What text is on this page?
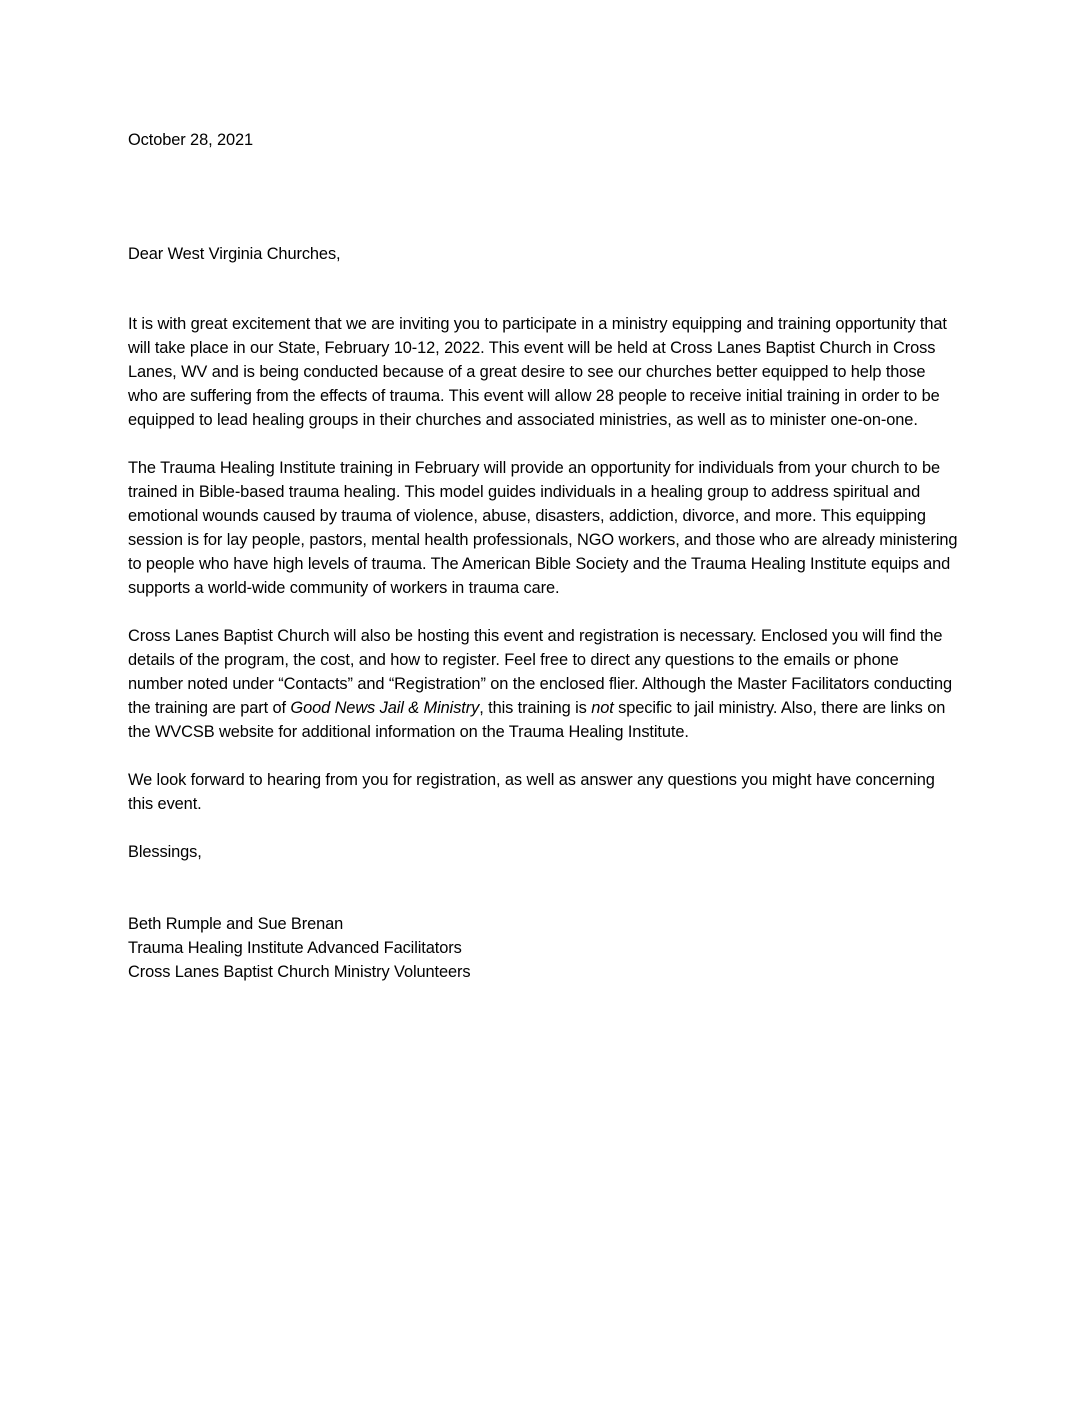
October 28, 2021

Dear West Virginia Churches,

It is with great excitement that we are inviting you to participate in a ministry equipping and training opportunity that will take place in our State, February 10-12, 2022. This event will be held at Cross Lanes Baptist Church in Cross Lanes, WV and is being conducted because of a great desire to see our churches better equipped to help those who are suffering from the effects of trauma. This event will allow 28 people to receive initial training in order to be equipped to lead healing groups in their churches and associated ministries, as well as to minister one-on-one.

The Trauma Healing Institute training in February will provide an opportunity for individuals from your church to be trained in Bible-based trauma healing. This model guides individuals in a healing group to address spiritual and emotional wounds caused by trauma of violence, abuse, disasters, addiction, divorce, and more. This equipping session is for lay people, pastors, mental health professionals, NGO workers, and those who are already ministering to people who have high levels of trauma. The American Bible Society and the Trauma Healing Institute equips and supports a world-wide community of workers in trauma care.

Cross Lanes Baptist Church will also be hosting this event and registration is necessary. Enclosed you will find the details of the program, the cost, and how to register. Feel free to direct any questions to the emails or phone number noted under “Contacts” and “Registration” on the enclosed flier. Although the Master Facilitators conducting the training are part of Good News Jail & Ministry, this training is not specific to jail ministry. Also, there are links on the WVCSB website for additional information on the Trauma Healing Institute.

We look forward to hearing from you for registration, as well as answer any questions you might have concerning this event.

Blessings,

Beth Rumple and Sue Brenan

Trauma Healing Institute Advanced Facilitators

Cross Lanes Baptist Church Ministry Volunteers
